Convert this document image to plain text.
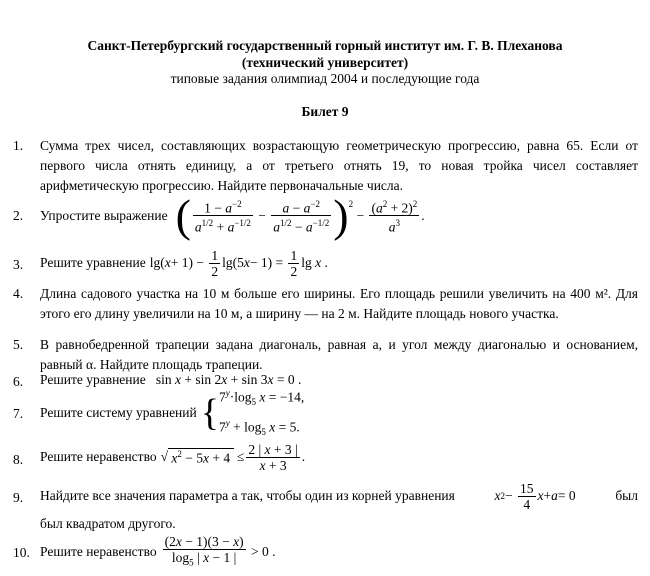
Санкт-Петербургский государственный горный институт им. Г. В. Плеханова
(технический университет)
типовые задания олимпиад 2004 и последующие года
Билет 9
1. Сумма трех чисел, составляющих возрастающую геометрическую прогрессию, равна 65. Если от первого числа отнять единицу, а от третьего отнять 19, то новая тройка чисел составляет арифметическую прогрессию. Найдите первоначальные числа.
2. Упростите выражение ( $\frac{1 - a^{-2}}{a^{1/2} + a^{-1/2}} - \frac{a - a^{-2}}{a^{1/2} - a^{-1/2}} )^2$
− $\frac{(a^2 + 2)^2}{a^3}$ .
3. Решите уравнение lg( $x + 1) - \frac{1}{2} \lg(5$ $x - 1) = \frac{1}{2}$ lg x .
4. Длина садового участка на 10 м больше его ширины. Его площадь решили увеличить на 400 м². Для этого его длину увеличили на 10 м, а ширину — на 2 м. Найдите площадь нового участка.
5. В равнобедренной трапеции задана диагональ, равная a, и угол между диагональю и основанием, равный α. Найдите площадь трапеции.
6. Решите уравнение   sin x + sin 2x + sin 3x = 0 .
7. Решите систему уравнений { $7^y\cdot\log_5$ x = −14,
$7^y + \log_5 x = 5$.
8. Решите неравенство √ $x^2 - 5x + 4 \le \frac{2 | x + 3 |}{x + 3}$ .
9. Найдите все значения параметра a так, чтобы один из корней уравнения	x $2 - \frac{15}{4}$ x + a = 0	был
был квадратом другого.
10. Решите неравенство $\frac{(2x - 1)(3 - x)}{\log_5 | x - 1 |} > 0$ .
